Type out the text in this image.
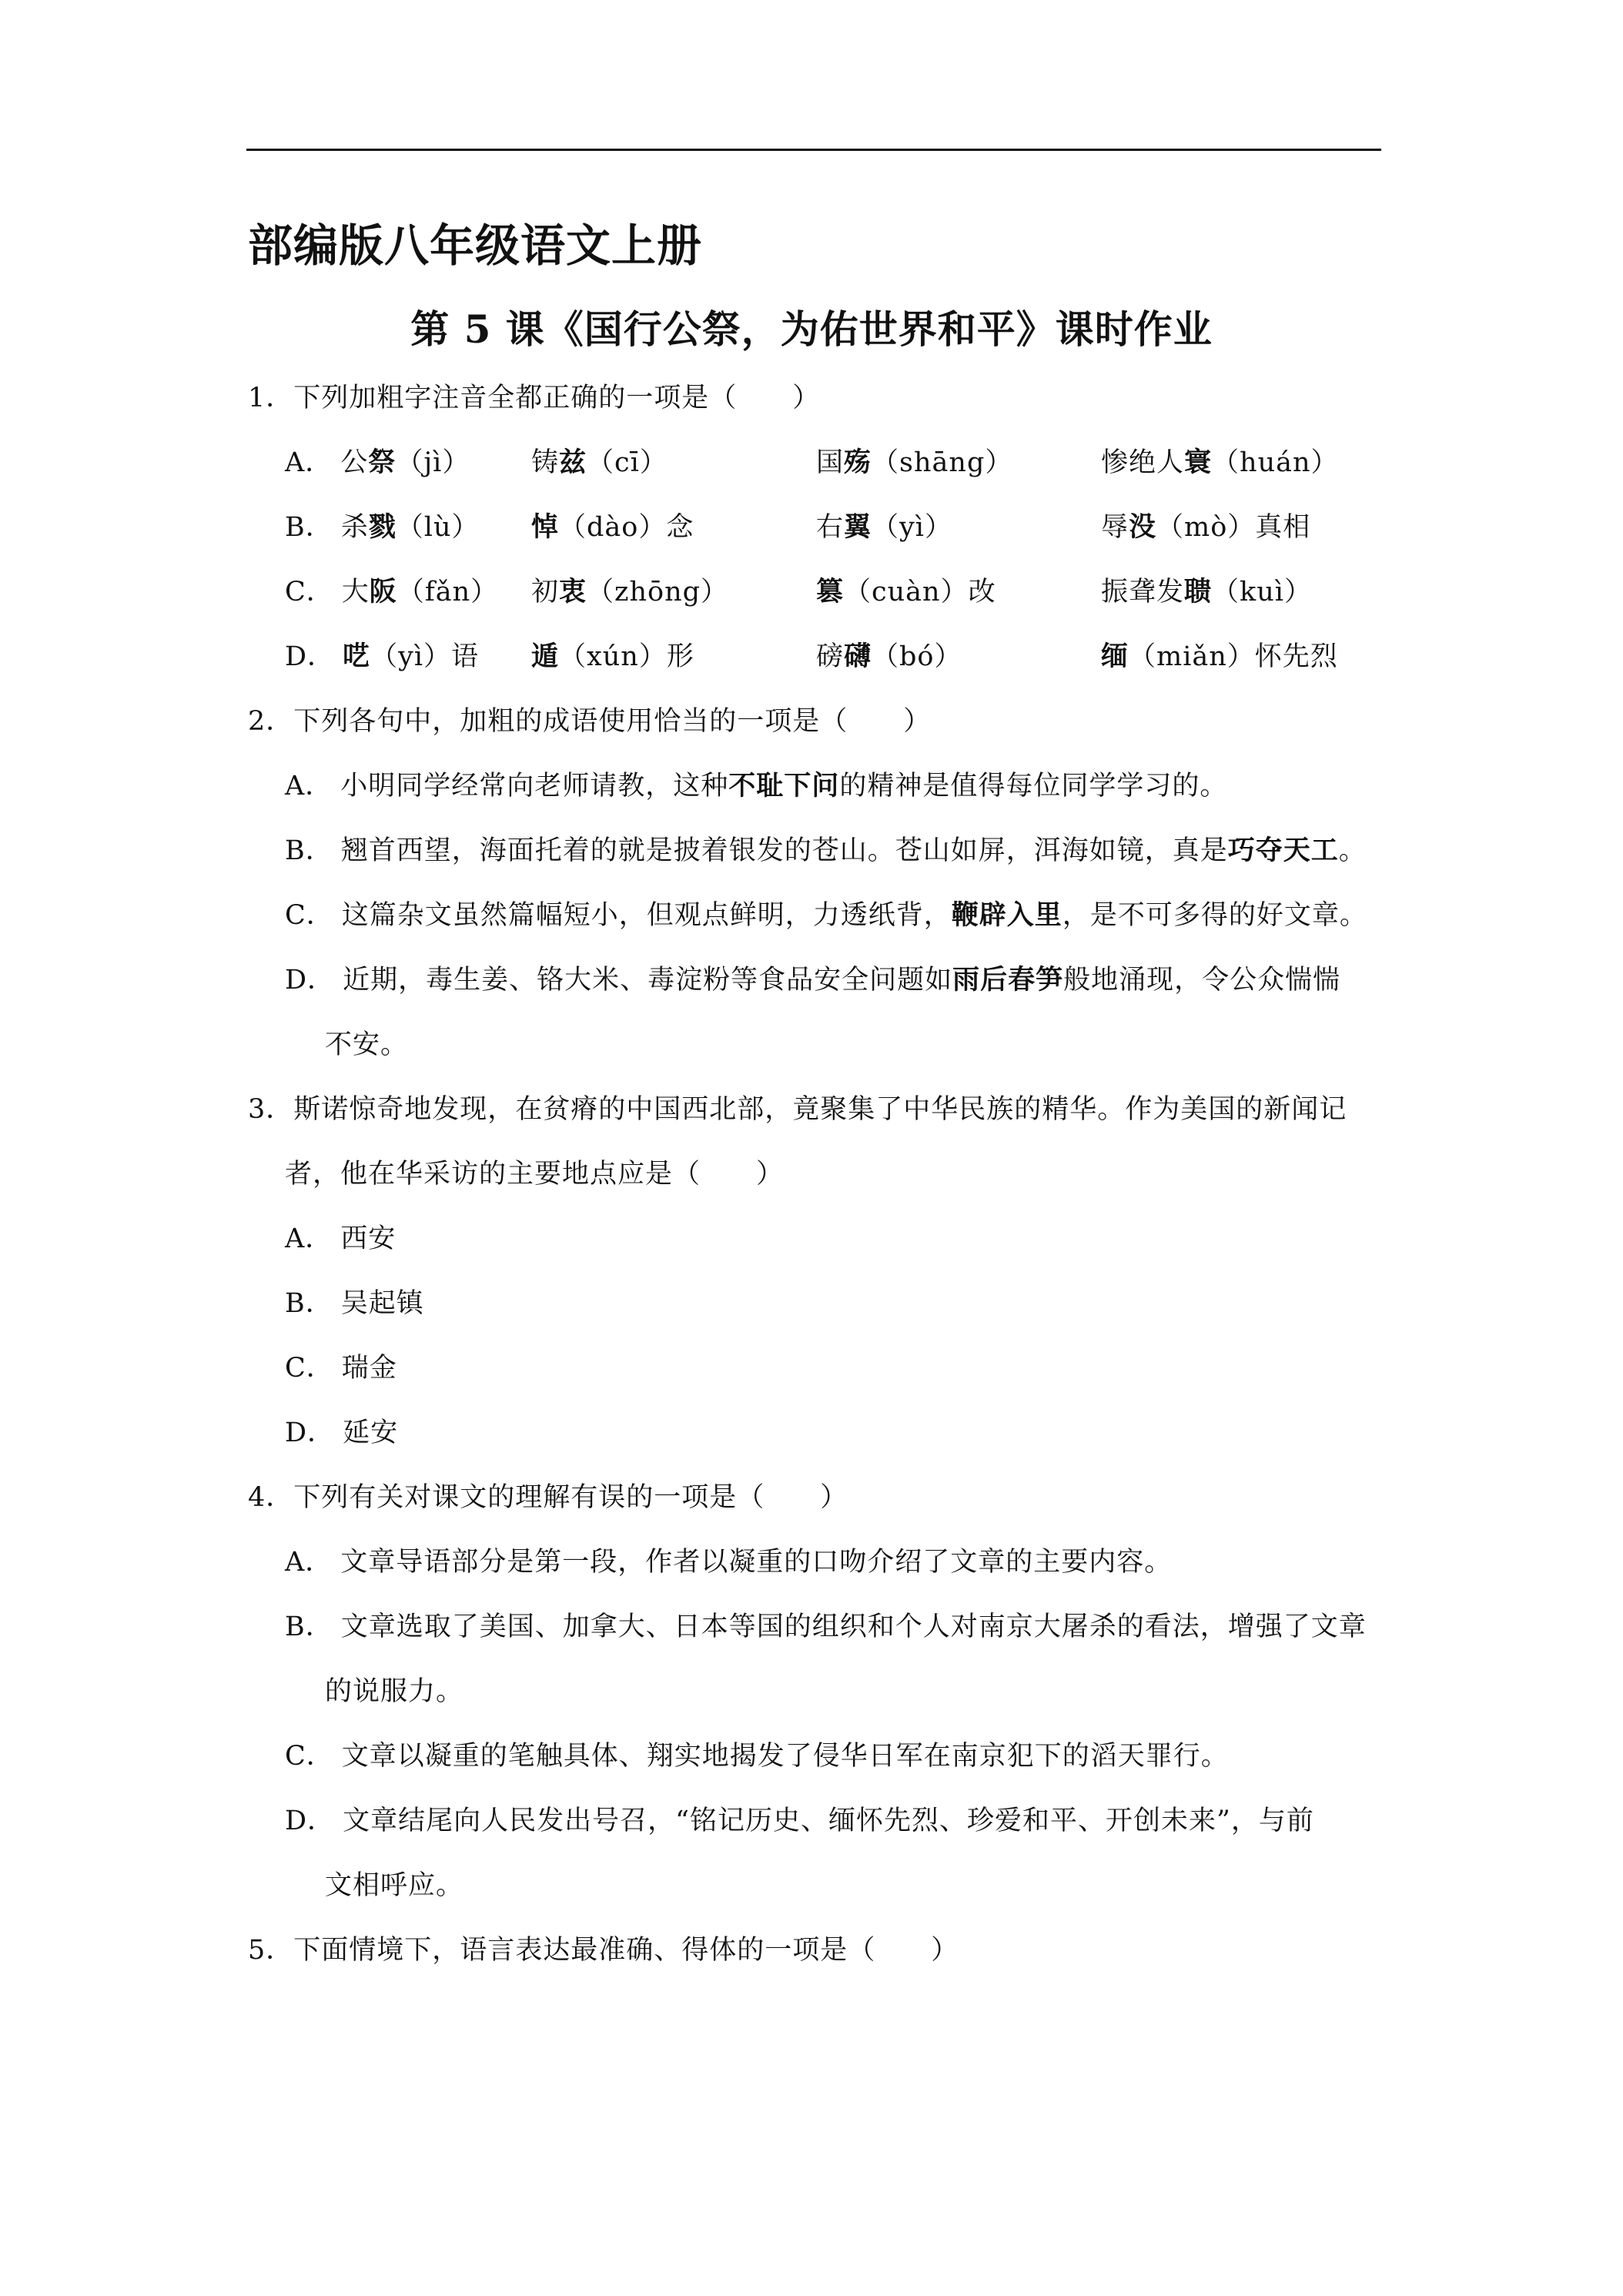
部编版八年级语文上册
第 5 课《国行公祭，为佑世界和平》课时作业
1．下列加粗字注音全都正确的一项是（　　）
A． 公祭（jì） 铸兹（cī）	国殇（shāng）	惨绝人寰（huán）
B． 杀戮（lù） 悼（dào）念	右翼（yì）	辱没（mò）真相
C． 大阪（fǎn） 初衷（zhōng）	篡（cuàn）改	振聋发聩（kuì）
D． 呓（yì）语 遁（xún）形	磅礴（bó）	缅（miǎn）怀先烈
2．下列各句中，加粗的成语使用恰当的一项是（　　）
A． 小明同学经常向老师请教，这种不耻下问的精神是值得每位同学学习的。
B． 翘首西望，海面托着的就是披着银发的苍山。苍山如屏，洱海如镜，真是巧夺天工。
C． 这篇杂文虽然篇幅短小，但观点鲜明，力透纸背，鞭辟入里，是不可多得的好文章。
D． 近期，毒生姜、铬大米、毒淀粉等食品安全问题如雨后春笋般地涌现，令公众惴惴
不安。
3．斯诺惊奇地发现，在贫瘠的中国西北部，竟聚集了中华民族的精华。作为美国的新闻记
者，他在华采访的主要地点应是（　　）
A． 西安
B． 吴起镇
C． 瑞金
D． 延安
4．下列有关对课文的理解有误的一项是（　　）
A． 文章导语部分是第一段，作者以凝重的口吻介绍了文章的主要内容。
B． 文章选取了美国、加拿大、日本等国的组织和个人对南京大屠杀的看法，增强了文章
的说服力。
C． 文章以凝重的笔触具体、翔实地揭发了侵华日军在南京犯下的滔天罪行。
D． 文章结尾向人民发出号召，“铭记历史、缅怀先烈、珍爱和平、开创未来”，与前
文相呼应。
5．下面情境下，语言表达最准确、得体的一项是（　　）
